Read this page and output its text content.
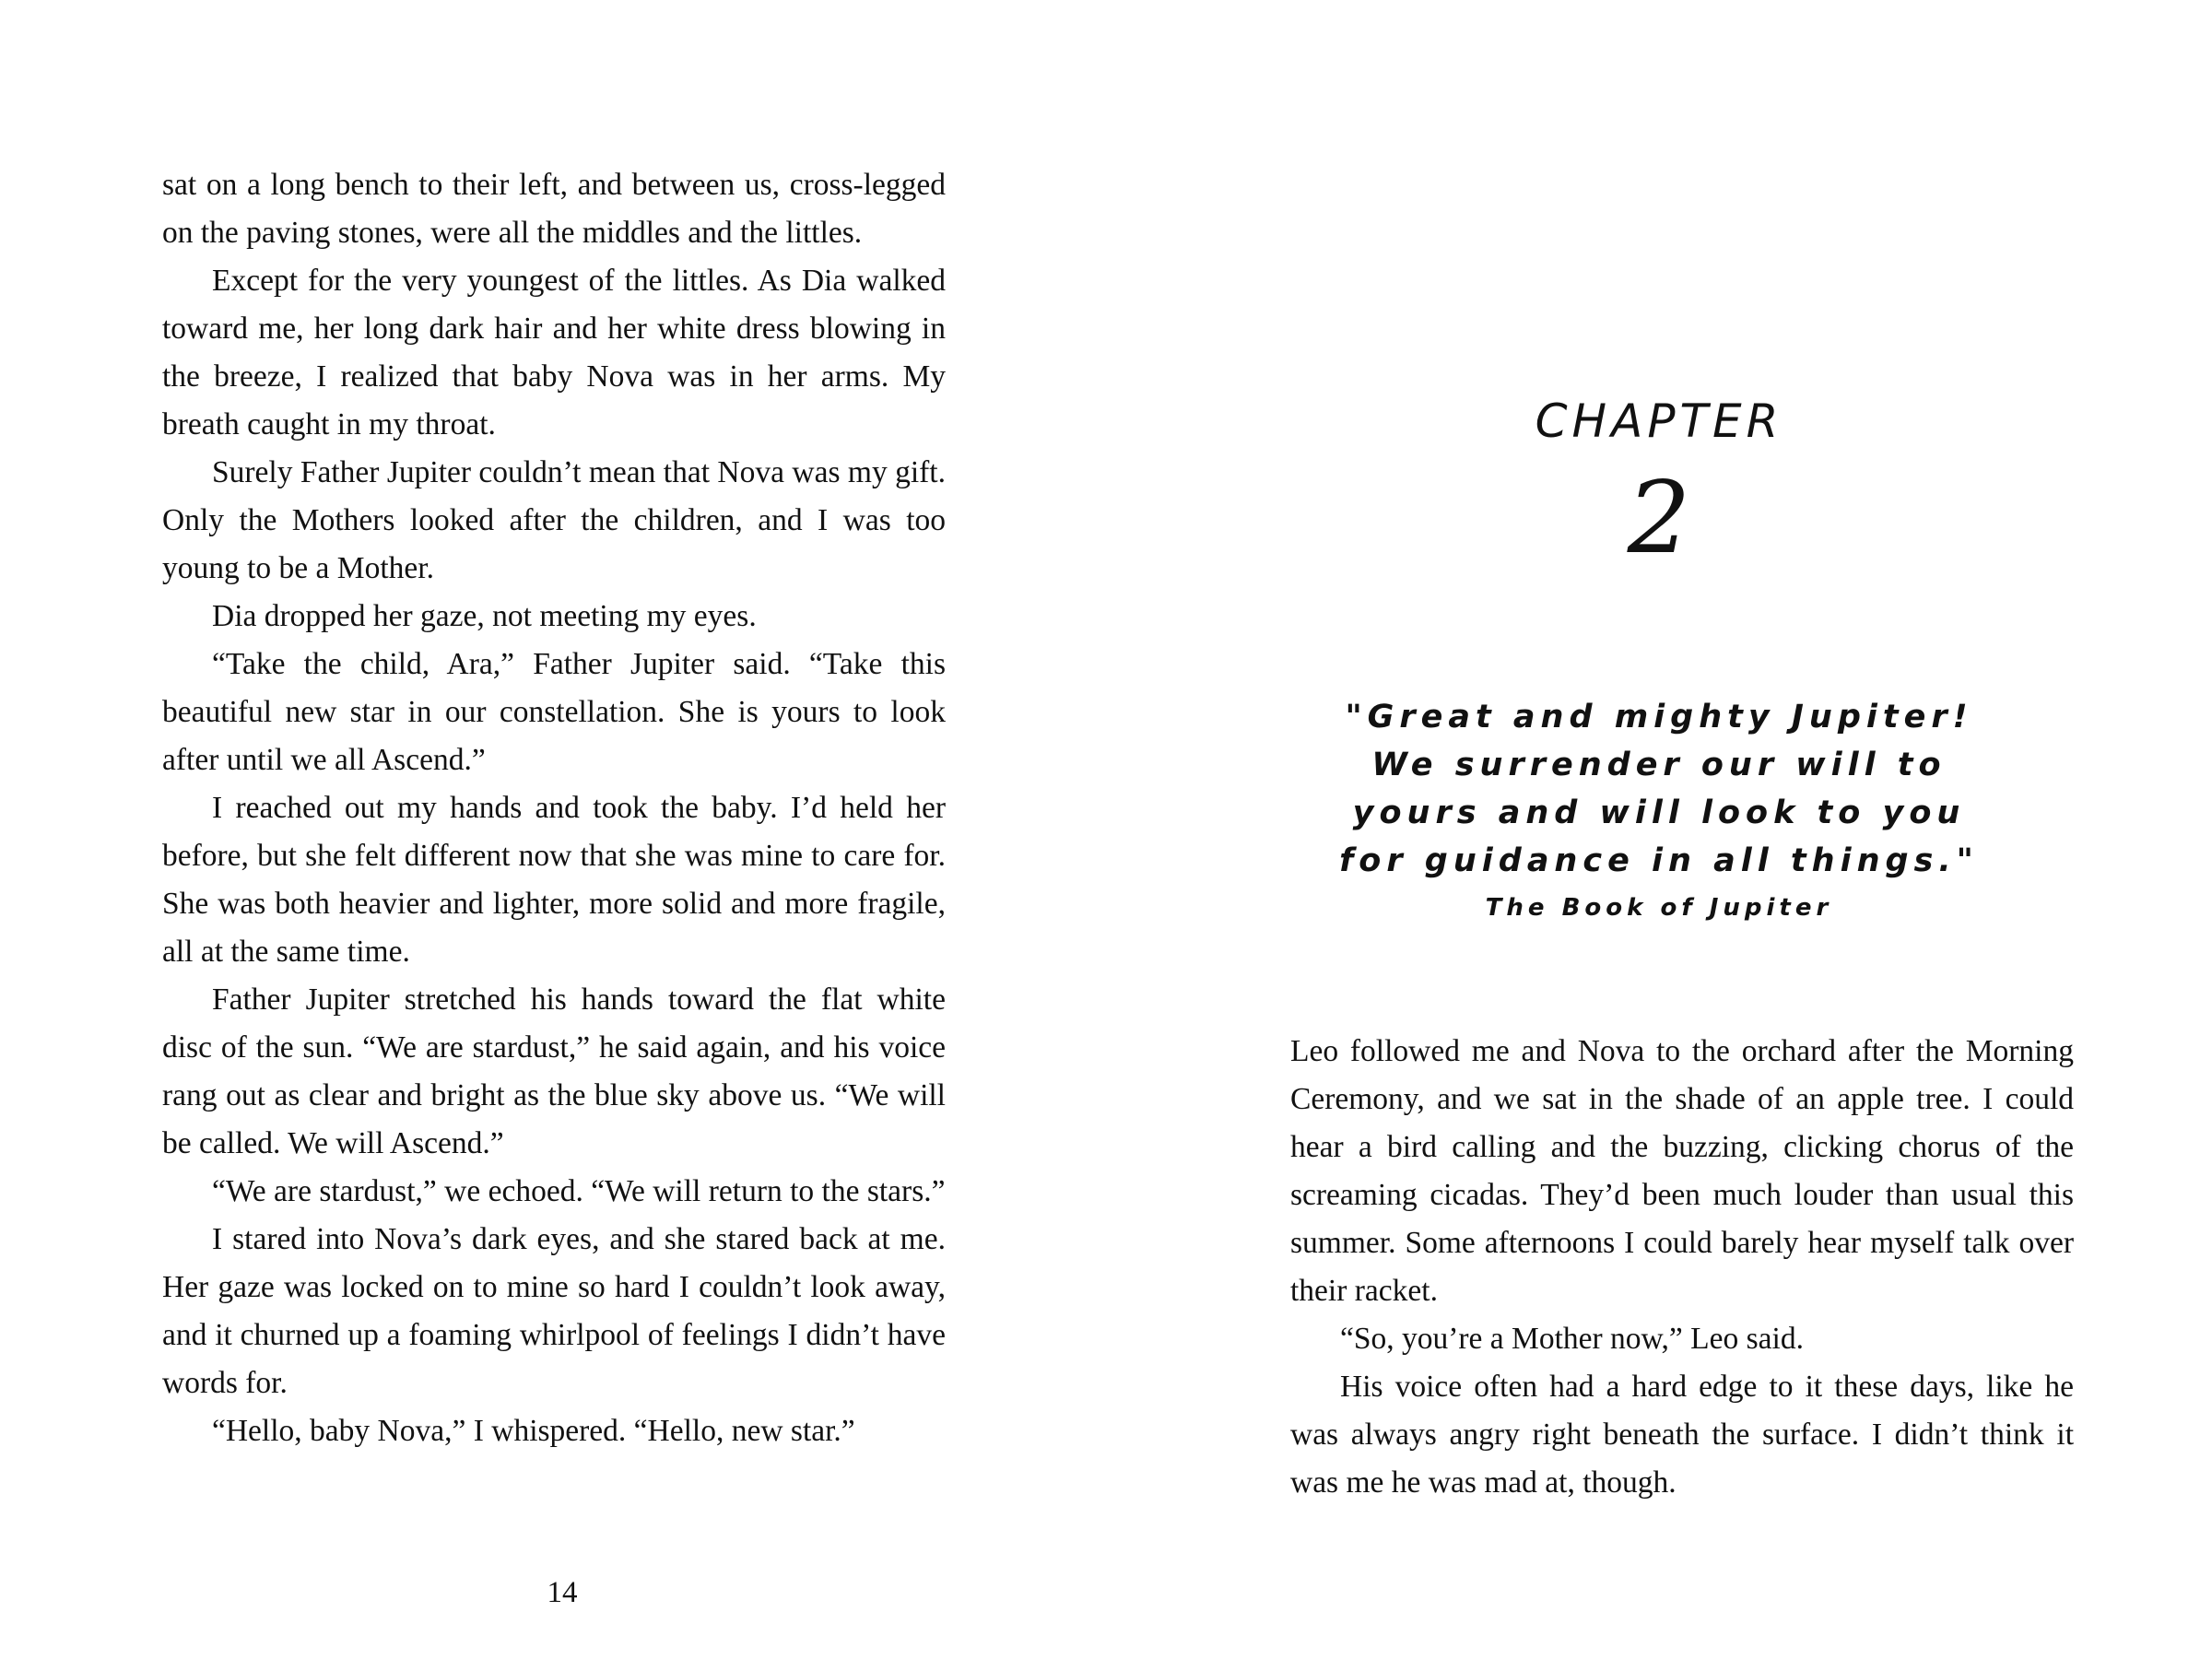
sat on a long bench to their left, and between us, cross-legged on the paving stones, were all the middles and the littles.

Except for the very youngest of the littles. As Dia walked toward me, her long dark hair and her white dress blowing in the breeze, I realized that baby Nova was in her arms. My breath caught in my throat.

Surely Father Jupiter couldn’t mean that Nova was my gift. Only the Mothers looked after the children, and I was too young to be a Mother.

Dia dropped her gaze, not meeting my eyes.

“Take the child, Ara,” Father Jupiter said. “Take this beautiful new star in our constellation. She is yours to look after until we all Ascend.”

I reached out my hands and took the baby. I’d held her before, but she felt different now that she was mine to care for. She was both heavier and lighter, more solid and more fragile, all at the same time.

Father Jupiter stretched his hands toward the flat white disc of the sun. “We are stardust,” he said again, and his voice rang out as clear and bright as the blue sky above us. “We will be called. We will Ascend.”

“We are stardust,” we echoed. “We will return to the stars.”

I stared into Nova’s dark eyes, and she stared back at me. Her gaze was locked on to mine so hard I couldn’t look away, and it churned up a foaming whirlpool of feelings I didn’t have words for.

“Hello, baby Nova,” I whispered. “Hello, new star.”

14
CHAPTER
2
"Great and mighty Jupiter!
We surrender our will to
yours and will look to you
for guidance in all things."
The Book of Jupiter

Leo followed me and Nova to the orchard after the Morning Ceremony, and we sat in the shade of an apple tree. I could hear a bird calling and the buzzing, clicking chorus of the screaming cicadas. They’d been much louder than usual this summer. Some afternoons I could barely hear myself talk over their racket.

“So, you’re a Mother now,” Leo said.

His voice often had a hard edge to it these days, like he was always angry right beneath the surface. I didn’t think it was me he was mad at, though.
